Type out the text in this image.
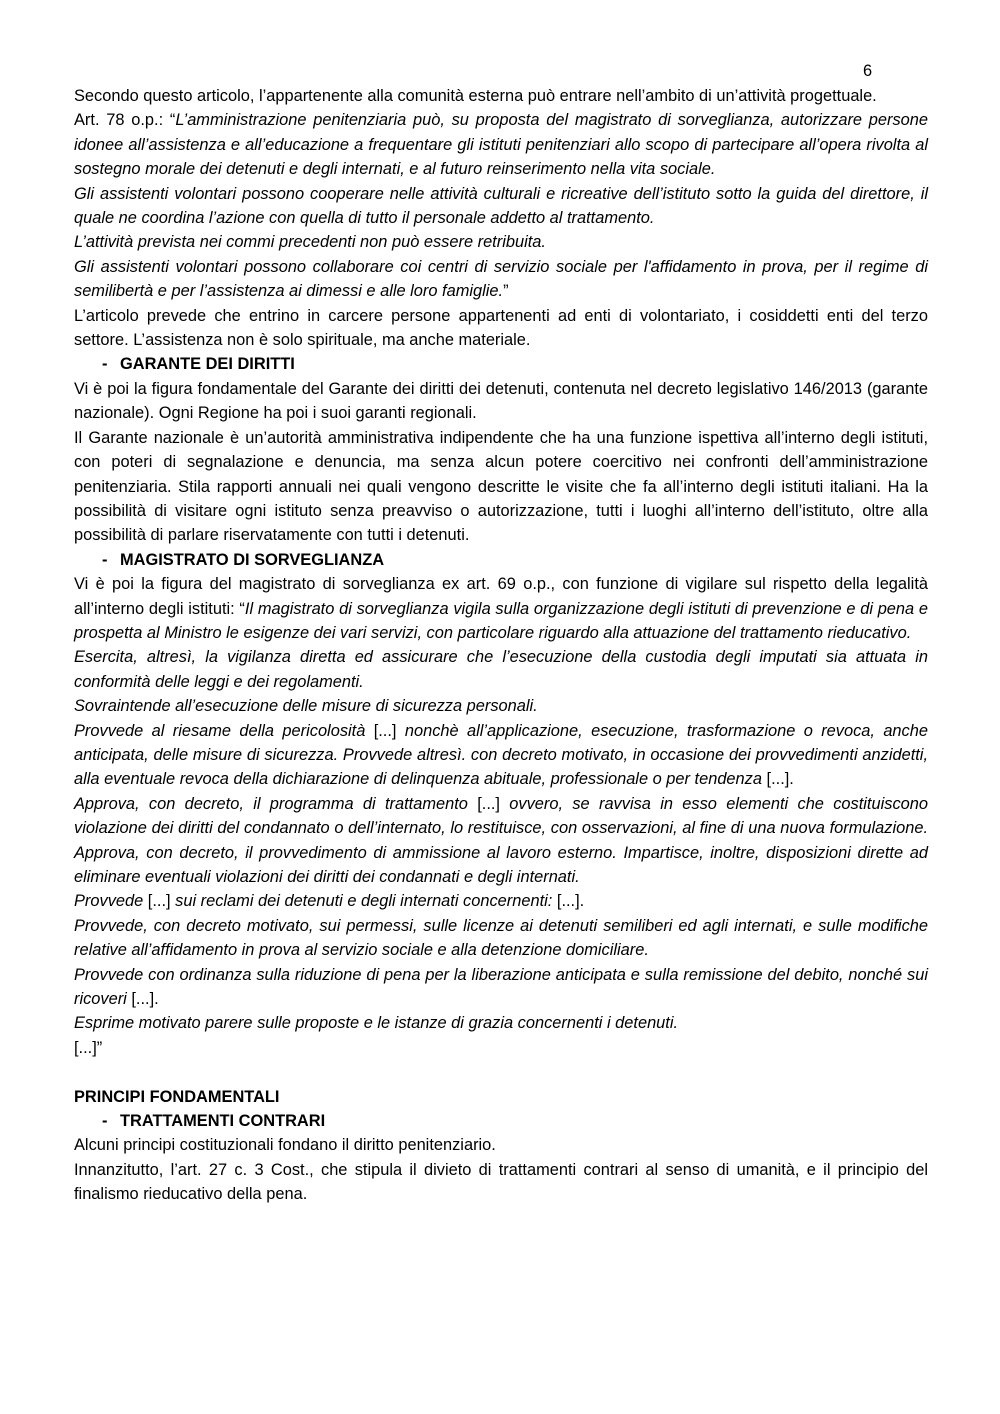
6

Secondo questo articolo, l’appartenente alla comunità esterna può entrare nell’ambito di un’attività progettuale.

Art. 78 o.p.: “L’amministrazione penitenziaria può, su proposta del magistrato di sorveglianza, autorizzare persone idonee all’assistenza e all’educazione a frequentare gli istituti penitenziari allo scopo di partecipare all’opera rivolta al sostegno morale dei detenuti e degli internati, e al futuro reinserimento nella vita sociale.

Gli assistenti volontari possono cooperare nelle attività culturali e ricreative dell’istituto sotto la guida del direttore, il quale ne coordina l’azione con quella di tutto il personale addetto al trattamento.

L’attività prevista nei commi precedenti non può essere retribuita.

Gli assistenti volontari possono collaborare coi centri di servizio sociale per l'affidamento in prova, per il regime di semilibertà e per l’assistenza ai dimessi e alle loro famiglie.”

L’articolo prevede che entrino in carcere persone appartenenti ad enti di volontariato, i cosiddetti enti del terzo settore. L’assistenza non è solo spirituale, ma anche materiale.

- GARANTE DEI DIRITTI

Vi è poi la figura fondamentale del Garante dei diritti dei detenuti, contenuta nel decreto legislativo 146/2013 (garante nazionale). Ogni Regione ha poi i suoi garanti regionali.

Il Garante nazionale è un’autorità amministrativa indipendente che ha una funzione ispettiva all’interno degli istituti, con poteri di segnalazione e denuncia, ma senza alcun potere coercitivo nei confronti dell’amministrazione penitenziaria. Stila rapporti annuali nei quali vengono descritte le visite che fa all’interno degli istituti italiani. Ha la possibilità di visitare ogni istituto senza preavviso o autorizzazione, tutti i luoghi all’interno dell’istituto, oltre alla possibilità di parlare riservatamente con tutti i detenuti.

- MAGISTRATO DI SORVEGLIANZA

Vi è poi la figura del magistrato di sorveglianza ex art. 69 o.p., con funzione di vigilare sul rispetto della legalità all’interno degli istituti: “Il magistrato di sorveglianza vigila sulla organizzazione degli istituti di prevenzione e di pena e prospetta al Ministro le esigenze dei vari servizi, con particolare riguardo alla attuazione del trattamento rieducativo.

Esercita, altresì, la vigilanza diretta ed assicurare che l’esecuzione della custodia degli imputati sia attuata in conformità delle leggi e dei regolamenti.

Sovraintende all’esecuzione delle misure di sicurezza personali.

Provvede al riesame della pericolosità [...] nonchè all’applicazione, esecuzione, trasformazione o revoca, anche anticipata, delle misure di sicurezza. Provvede altresì. con decreto motivato, in occasione dei provvedimenti anzidetti, alla eventuale revoca della dichiarazione di delinquenza abituale, professionale o per tendenza [...].

Approva, con decreto, il programma di trattamento [...] ovvero, se ravvisa in esso elementi che costituiscono violazione dei diritti del condannato o dell’internato, lo restituisce, con osservazioni, al fine di una nuova formulazione. Approva, con decreto, il provvedimento di ammissione al lavoro esterno. Impartisce, inoltre, disposizioni dirette ad eliminare eventuali violazioni dei diritti dei condannati e degli internati.

Provvede [...] sui reclami dei detenuti e degli internati concernenti: [...].

Provvede, con decreto motivato, sui permessi, sulle licenze ai detenuti semiliberi ed agli internati, e sulle modifiche relative all’affidamento in prova al servizio sociale e alla detenzione domiciliare.

Provvede con ordinanza sulla riduzione di pena per la liberazione anticipata e sulla remissione del debito, nonché sui ricoveri [...].

Esprime motivato parere sulle proposte e le istanze di grazia concernenti i detenuti.

[...]”

PRINCIPI FONDAMENTALI

- TRATTAMENTI CONTRARI

Alcuni principi costituzionali fondano il diritto penitenziario.

Innanzitutto, l’art. 27 c. 3 Cost., che stipula il divieto di trattamenti contrari al senso di umanità, e il principio del finalismo rieducativo della pena.
